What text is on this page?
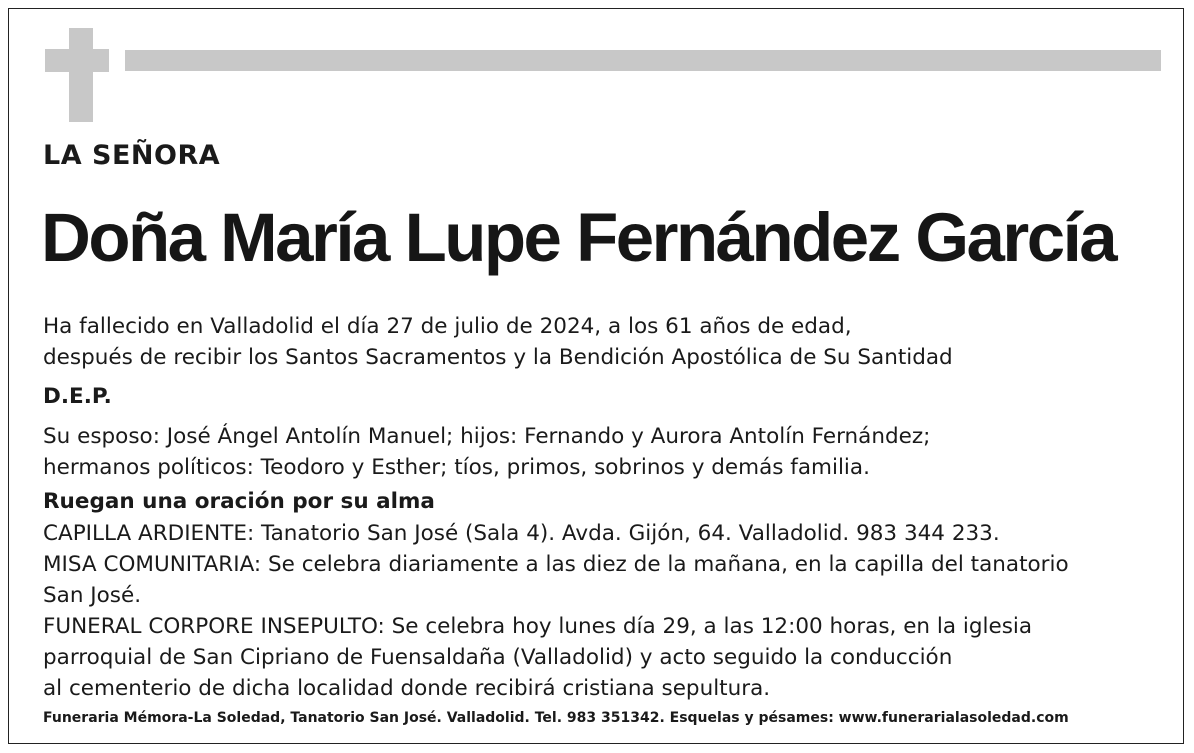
LA SEÑORA
Doña María Lupe Fernández García

Ha fallecido en Valladolid el día 27 de julio de 2024, a los 61 años de edad,
después de recibir los Santos Sacramentos y la Bendición Apostólica de Su Santidad

D.E.P.

Su esposo: José Ángel Antolín Manuel; hijos: Fernando y Aurora Antolín Fernández;
hermanos políticos: Teodoro y Esther; tíos, primos, sobrinos y demás familia.

Ruegan una oración por su alma

CAPILLA ARDIENTE: Tanatorio San José (Sala 4). Avda. Gijón, 64. Valladolid. 983 344 233.
MISA COMUNITARIA: Se celebra diariamente a las diez de la mañana, en la capilla del tanatorio
San José.
FUNERAL CORPORE INSEPULTO: Se celebra hoy lunes día 29, a las 12:00 horas, en la iglesia
parroquial de San Cipriano de Fuensaldaña (Valladolid) y acto seguido la conducción
al cementerio de dicha localidad donde recibirá cristiana sepultura.

Funeraria Mémora-La Soledad, Tanatorio San José. Valladolid. Tel. 983 351342. Esquelas y pésames: www.funerarialasoledad.com
